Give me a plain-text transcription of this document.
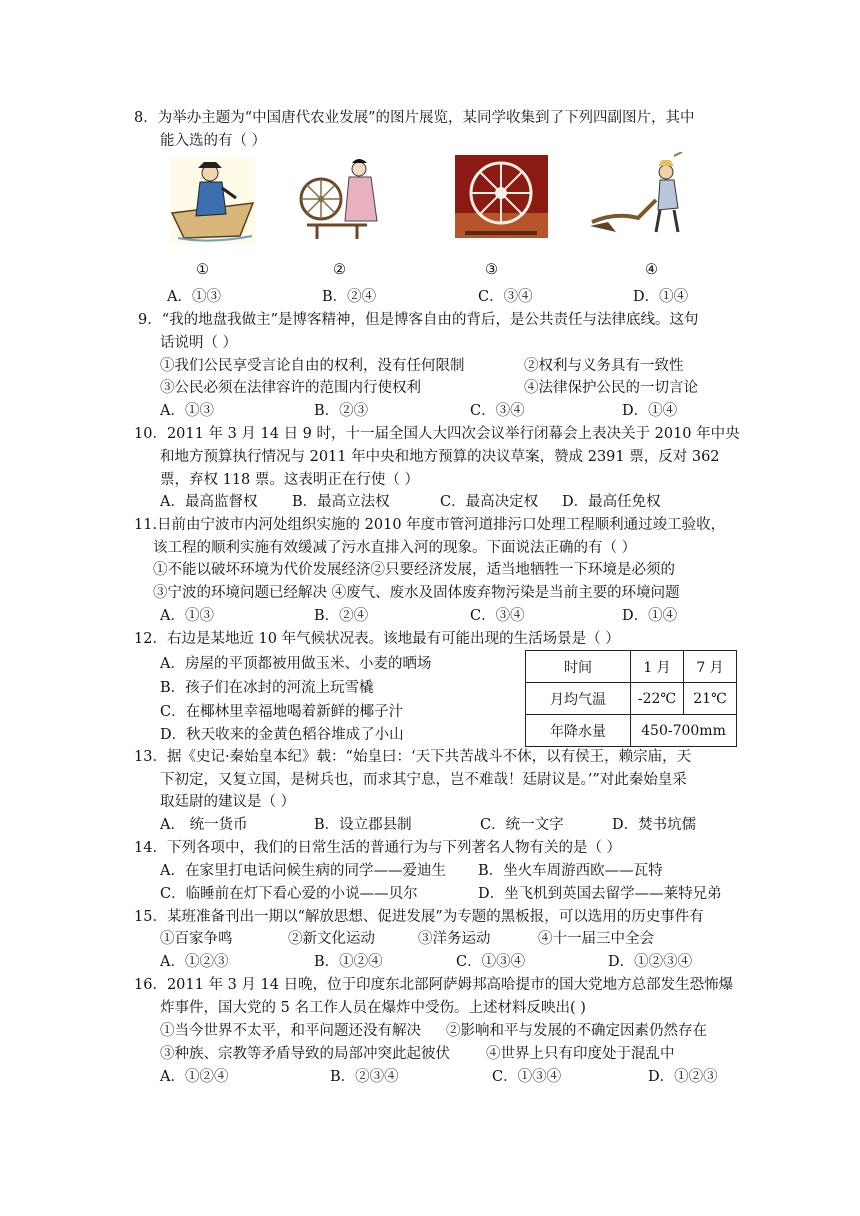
8．为举办主题为“中国唐代农业发展”的图片展览，某同学收集到了下列四副图片，其中
能入选的有（ ）
①	②	③	④
A．①③	B．②④	C．③④	D．①④
9．“我的地盘我做主”是博客精神，但是博客自由的背后，是公共责任与法律底线。这句
话说明（ ）
①我们公民享受言论自由的权利，没有任何限制	②权利与义务具有一致性
③公民必须在法律容许的范围内行使权利	④法律保护公民的一切言论
A．①③	B．②③	C．③④	D．①④
10．2011 年 3 月 14 日 9 时，十一届全国人大四次会议举行闭幕会上表决关于 2010 年中央
和地方预算执行情况与 2011 年中央和地方预算的决议草案，赞成 2391 票，反对 362
票，弃权 118 票。这表明正在行使（ ）
A．最高监督权 B．最高立法权	C．最高决定权 D．最高任免权
11.日前由宁波市内河处组织实施的 2010 年度市管河道排污口处理工程顺利通过竣工验收，
该工程的顺利实施有效缓减了污水直排入河的现象。下面说法正确的有（ ）
①不能以破坏环境为代价发展经济②只要经济发展，适当地牺牲一下环境是必须的
③宁波的环境问题已经解决 ④废气、废水及固体废弃物污染是当前主要的环境问题
A．①③	B．②④	C．③④	D．①④
12．右边是某地近 10 年气候状况表。该地最有可能出现的生活场景是（ ）
A．房屋的平顶都被用做玉米、小麦的晒场
B．孩子们在冰封的河流上玩雪橇
C．在椰林里幸福地喝着新鲜的椰子汁
D．秋天收来的金黄色稻谷堆成了小山
时间	1 月	7 月
月均气温	-22℃	21℃
年降水量	450-700mm	
13．据《史记·秦始皇本纪》载：“始皇曰：‘天下共苦战斗不休，以有侯王，赖宗庙，天
下初定，又复立国，是树兵也，而求其宁息，岂不难哉！廷尉议是。’”对此秦始皇采
取廷尉的建议是（ ）
A． 统一货币	B．设立郡县制	C．统一文字	D．焚书坑儒
14．下列各项中，我们的日常生活的普通行为与下列著名人物有关的是（ ）
A．在家里打电话问候生病的同学——爱迪生 B．坐火车周游西欧——瓦特
C．临睡前在灯下看心爱的小说——贝尔	D．坐飞机到英国去留学——莱特兄弟
15．某班准备刊出一期以“解放思想、促进发展”为专题的黑板报，可以选用的历史事件有
①百家争鸣	②新文化运动	③洋务运动	④十一届三中全会
A．①②③	B．①②④	C．①③④	D．①②③④
16．2011 年 3 月 14 日晚，位于印度东北部阿萨姆邦高哈提市的国大党地方总部发生恐怖爆
炸事件，国大党的 5 名工作人员在爆炸中受伤。上述材料反映出( )
①当今世界不太平，和平问题还没有解决 ②影响和平与发展的不确定因素仍然存在
③种族、宗教等矛盾导致的局部冲突此起彼伏 ④世界上只有印度处于混乱中
A．①②④	B．②③④	C．①③④	D．①②③
